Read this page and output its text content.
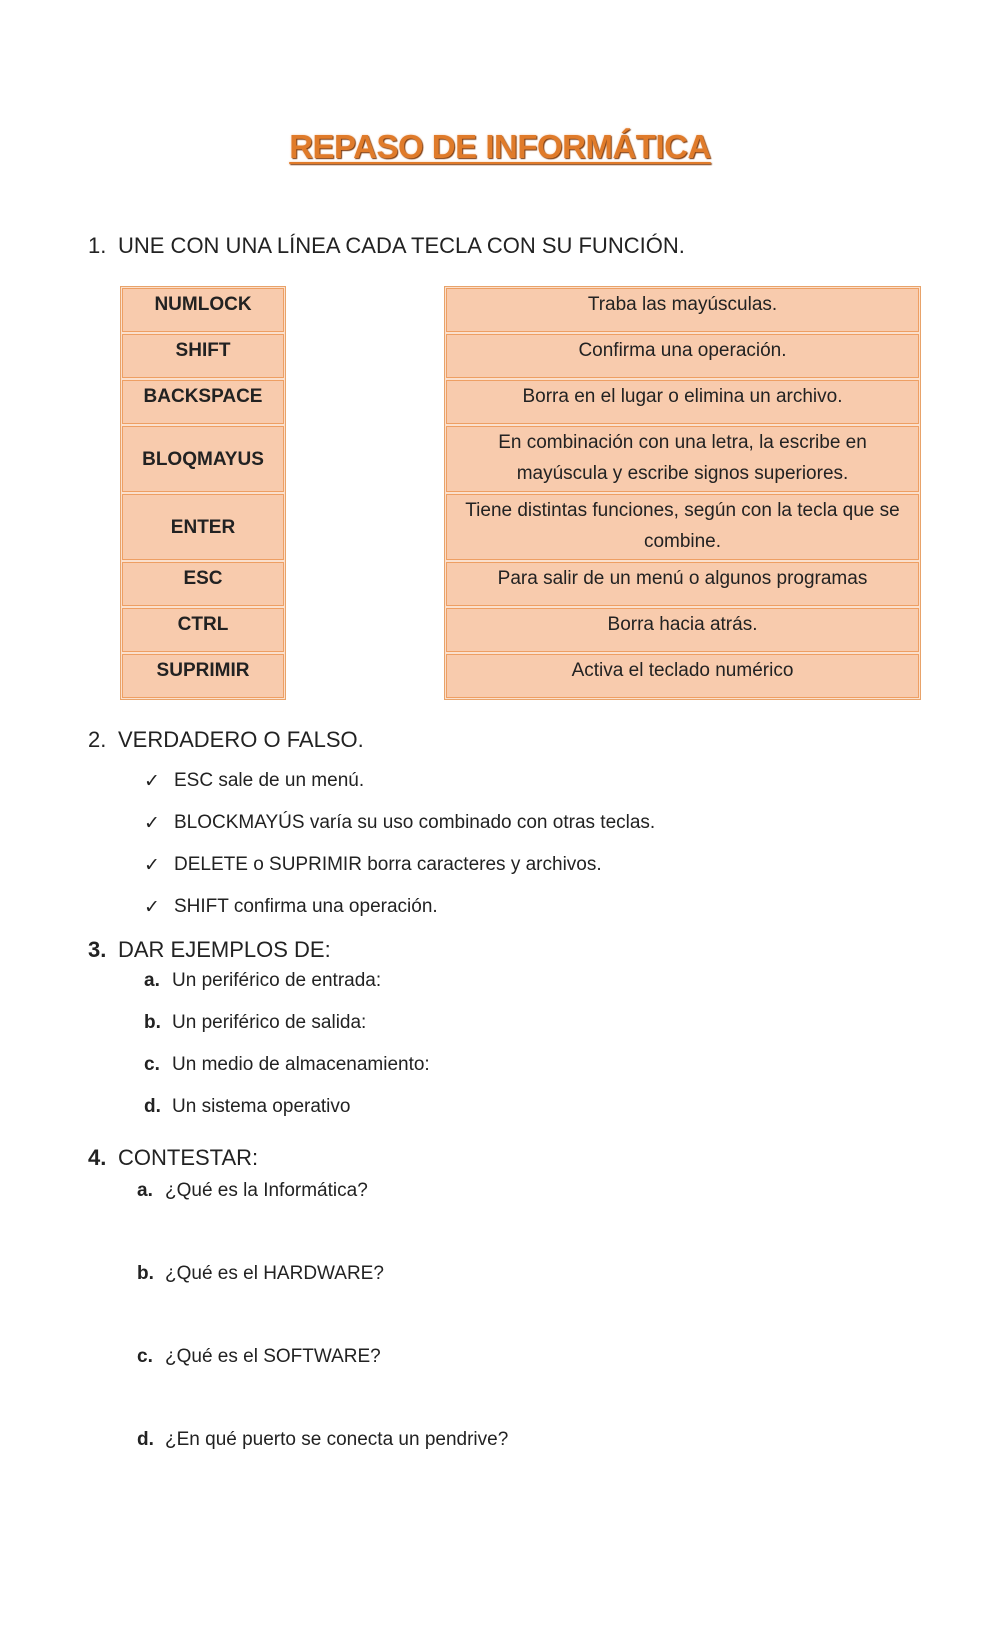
REPASO DE INFORMÁTICA
1. UNE CON UNA LÍNEA CADA TECLA CON SU FUNCIÓN.
NUMLOCK
SHIFT
BACKSPACE
BLOQMAYUS
ENTER
ESC
CTRL
SUPRIMIR
Traba las mayúsculas.
Confirma una operación.
Borra en el lugar o elimina un archivo.
En combinación con una letra, la escribe en mayúscula y escribe signos superiores.
Tiene distintas funciones, según con la tecla que se combine.
Para salir de un menú o algunos programas
Borra hacia atrás.
Activa el teclado numérico
2. VERDADERO O FALSO.
✓ ESC sale de un menú.
✓ BLOCKMAYÚS varía su uso combinado con otras teclas.
✓ DELETE o SUPRIMIR borra caracteres y archivos.
✓ SHIFT confirma una operación.
3. DAR EJEMPLOS DE:
a. Un periférico de entrada:
b. Un periférico de salida:
c. Un medio de almacenamiento:
d. Un sistema operativo
4. CONTESTAR:
a. ¿Qué es la Informática?
b. ¿Qué es el HARDWARE?
c. ¿Qué es el SOFTWARE?
d. ¿En qué puerto se conecta un pendrive?
